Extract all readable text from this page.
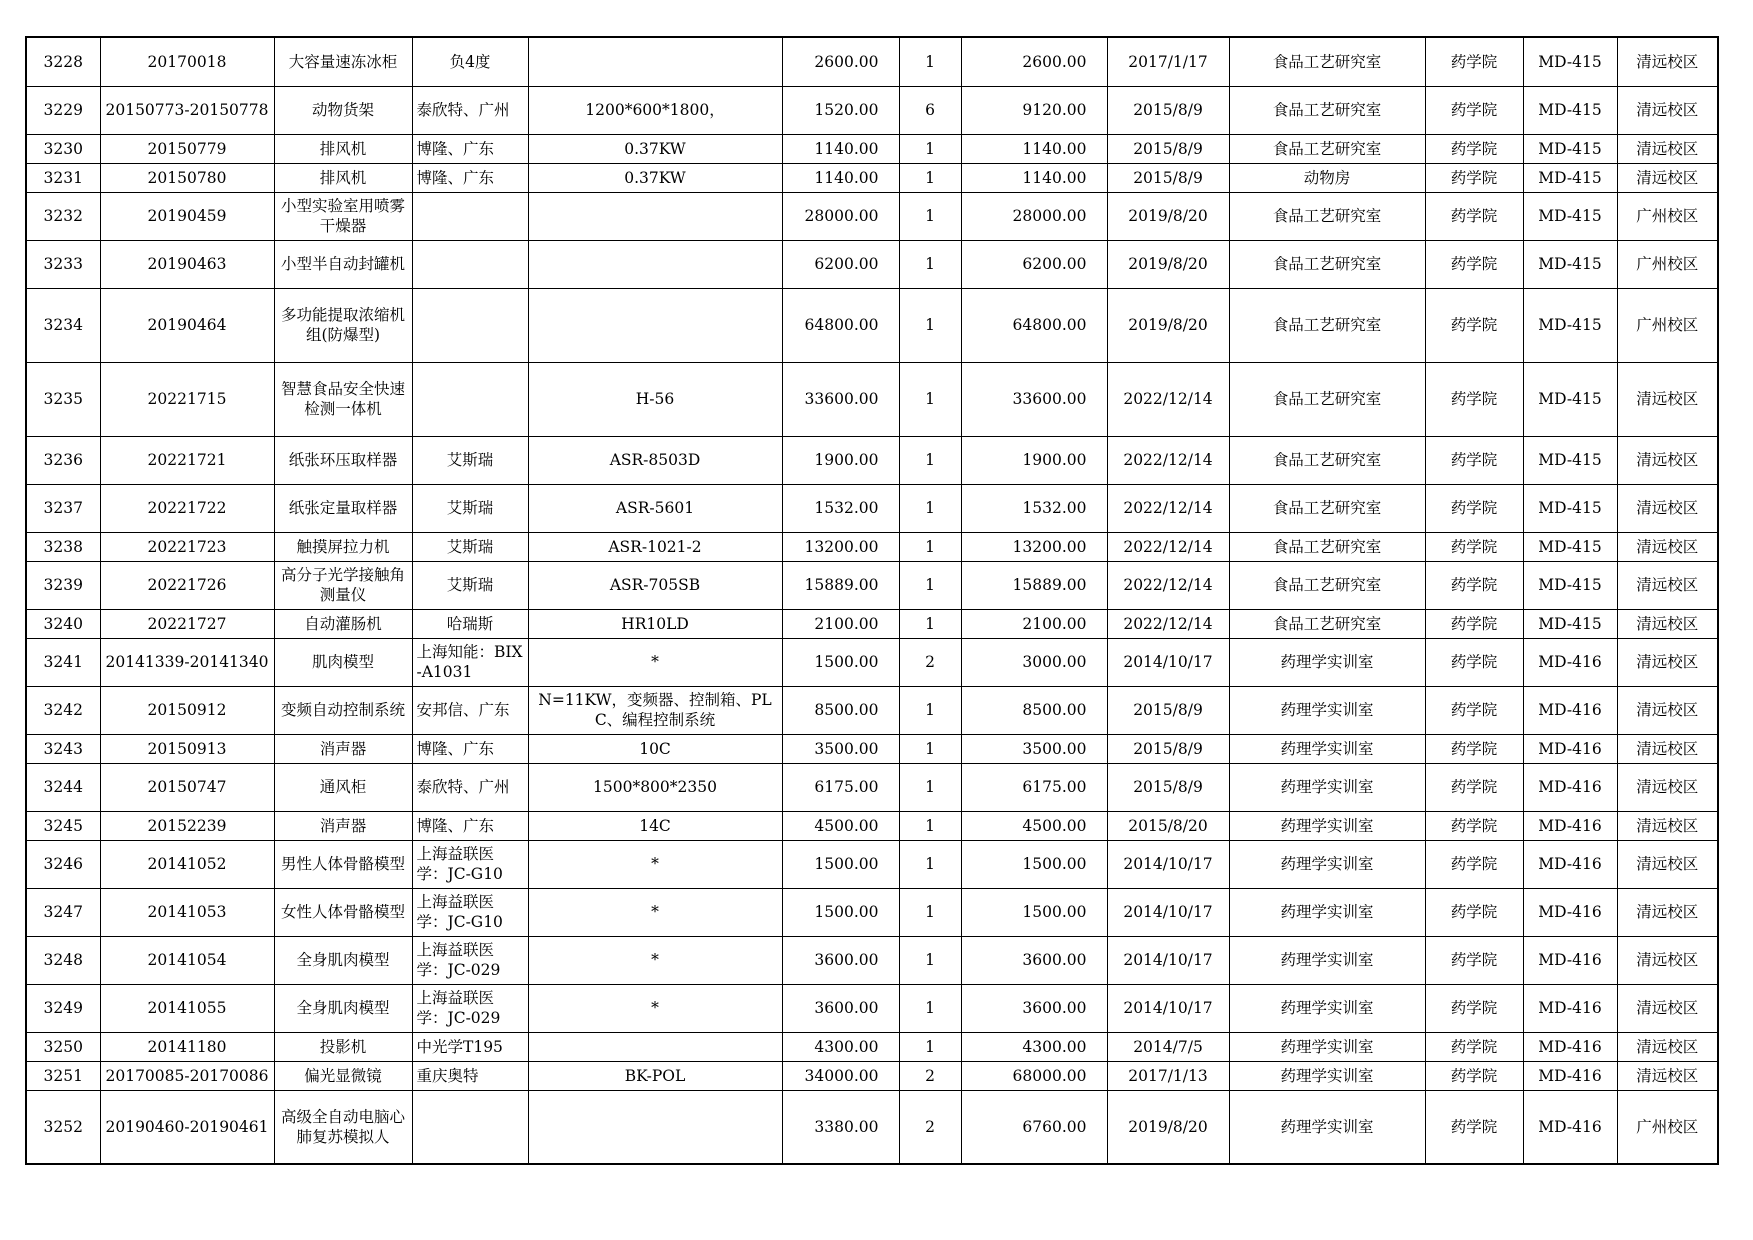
3228	20170018	大容量速冻冰柜	负4度		2600.00	1	2600.00	2017/1/17	食品工艺研究室	药学院	MD-415	清远校区
3229	20150773-20150778	动物货架	泰欣特、广州	1200*600*1800，	1520.00	6	9120.00	2015/8/9	食品工艺研究室	药学院	MD-415	清远校区
3230	20150779	排风机	博隆、广东	0.37KW	1140.00	1	1140.00	2015/8/9	食品工艺研究室	药学院	MD-415	清远校区
3231	20150780	排风机	博隆、广东	0.37KW	1140.00	1	1140.00	2015/8/9	动物房	药学院	MD-415	清远校区
3232	20190459	小型实验室用喷雾干燥器			28000.00	1	28000.00	2019/8/20	食品工艺研究室	药学院	MD-415	广州校区
3233	20190463	小型半自动封罐机			6200.00	1	6200.00	2019/8/20	食品工艺研究室	药学院	MD-415	广州校区
3234	20190464	多功能提取浓缩机组(防爆型)			64800.00	1	64800.00	2019/8/20	食品工艺研究室	药学院	MD-415	广州校区
3235	20221715	智慧食品安全快速检测一体机		H-56	33600.00	1	33600.00	2022/12/14	食品工艺研究室	药学院	MD-415	清远校区
3236	20221721	纸张环压取样器	艾斯瑞	ASR-8503D	1900.00	1	1900.00	2022/12/14	食品工艺研究室	药学院	MD-415	清远校区
3237	20221722	纸张定量取样器	艾斯瑞	ASR-5601	1532.00	1	1532.00	2022/12/14	食品工艺研究室	药学院	MD-415	清远校区
3238	20221723	触摸屏拉力机	艾斯瑞	ASR-1021-2	13200.00	1	13200.00	2022/12/14	食品工艺研究室	药学院	MD-415	清远校区
3239	20221726	高分子光学接触角测量仪	艾斯瑞	ASR-705SB	15889.00	1	15889.00	2022/12/14	食品工艺研究室	药学院	MD-415	清远校区
3240	20221727	自动灌肠机	哈瑞斯	HR10LD	2100.00	1	2100.00	2022/12/14	食品工艺研究室	药学院	MD-415	清远校区
3241	20141339-20141340	肌肉模型	上海知能：BIX-A1031	*	1500.00	2	3000.00	2014/10/17	药理学实训室	药学院	MD-416	清远校区
3242	20150912	变频自动控制系统	安邦信、广东	N=11KW，变频器、控制箱、PLC、编程控制系统	8500.00	1	8500.00	2015/8/9	药理学实训室	药学院	MD-416	清远校区
3243	20150913	消声器	博隆、广东	10C	3500.00	1	3500.00	2015/8/9	药理学实训室	药学院	MD-416	清远校区
3244	20150747	通风柜	泰欣特、广州	1500*800*2350	6175.00	1	6175.00	2015/8/9	药理学实训室	药学院	MD-416	清远校区
3245	20152239	消声器	博隆、广东	14C	4500.00	1	4500.00	2015/8/20	药理学实训室	药学院	MD-416	清远校区
3246	20141052	男性人体骨骼模型	上海益联医学：JC-G10	*	1500.00	1	1500.00	2014/10/17	药理学实训室	药学院	MD-416	清远校区
3247	20141053	女性人体骨骼模型	上海益联医学：JC-G10	*	1500.00	1	1500.00	2014/10/17	药理学实训室	药学院	MD-416	清远校区
3248	20141054	全身肌肉模型	上海益联医学：JC-029	*	3600.00	1	3600.00	2014/10/17	药理学实训室	药学院	MD-416	清远校区
3249	20141055	全身肌肉模型	上海益联医学：JC-029	*	3600.00	1	3600.00	2014/10/17	药理学实训室	药学院	MD-416	清远校区
3250	20141180	投影机	中光学T195		4300.00	1	4300.00	2014/7/5	药理学实训室	药学院	MD-416	清远校区
3251	20170085-20170086	偏光显微镜	重庆奥特	BK-POL	34000.00	2	68000.00	2017/1/13	药理学实训室	药学院	MD-416	清远校区
3252	20190460-20190461	高级全自动电脑心肺复苏模拟人			3380.00	2	6760.00	2019/8/20	药理学实训室	药学院	MD-416	广州校区
